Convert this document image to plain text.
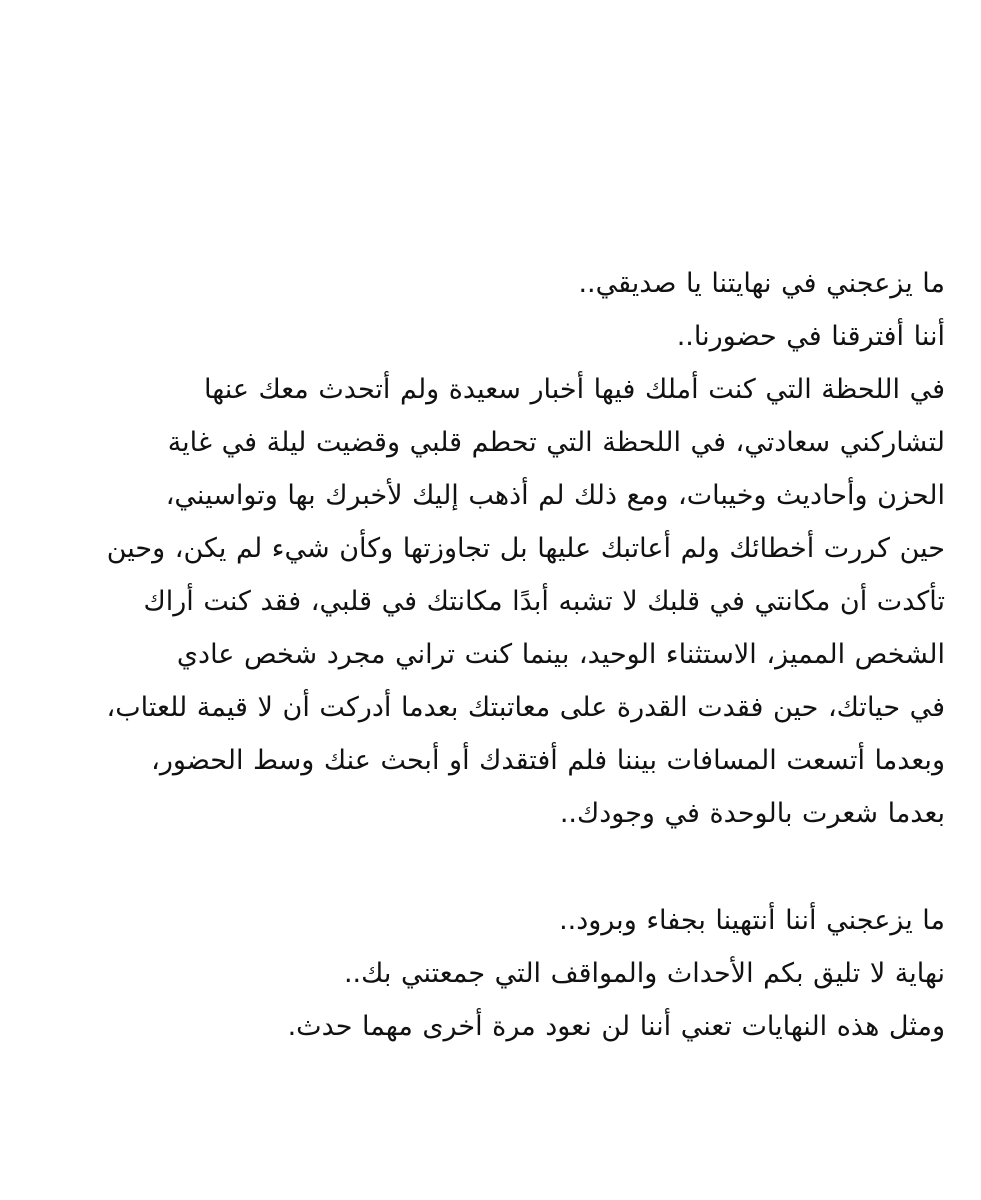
ما يزعجني في نهايتنا يا صديقي..
أننا أفترقنا في حضورنا..
في اللحظة التي كنت أملك فيها أخبار سعيدة ولم أتحدث معك عنها
لتشاركني سعادتي، في اللحظة التي تحطم قلبي وقضيت ليلة في غاية
الحزن وأحاديث وخيبات، ومع ذلك لم أذهب إليك لأخبرك بها وتواسيني،
حين كررت أخطائك ولم أعاتبك عليها بل تجاوزتها وكأن شيء لم يكن، وحين
تأكدت أن مكانتي في قلبك لا تشبه أبدًا مكانتك في قلبي، فقد كنت أراك
الشخص المميز، الاستثناء الوحيد، بينما كنت تراني مجرد شخص عادي
في حياتك، حين فقدت القدرة على معاتبتك بعدما أدركت أن لا قيمة للعتاب،
وبعدما أتسعت المسافات بيننا فلم أفتقدك أو أبحث عنك وسط الحضور،
بعدما شعرت بالوحدة في وجودك..
ما يزعجني أننا أنتهينا بجفاء وبرود..
نهاية لا تليق بكم الأحداث والمواقف التي جمعتني بك..
ومثل هذه النهايات تعني أننا لن نعود مرة أخرى مهما حدث.
